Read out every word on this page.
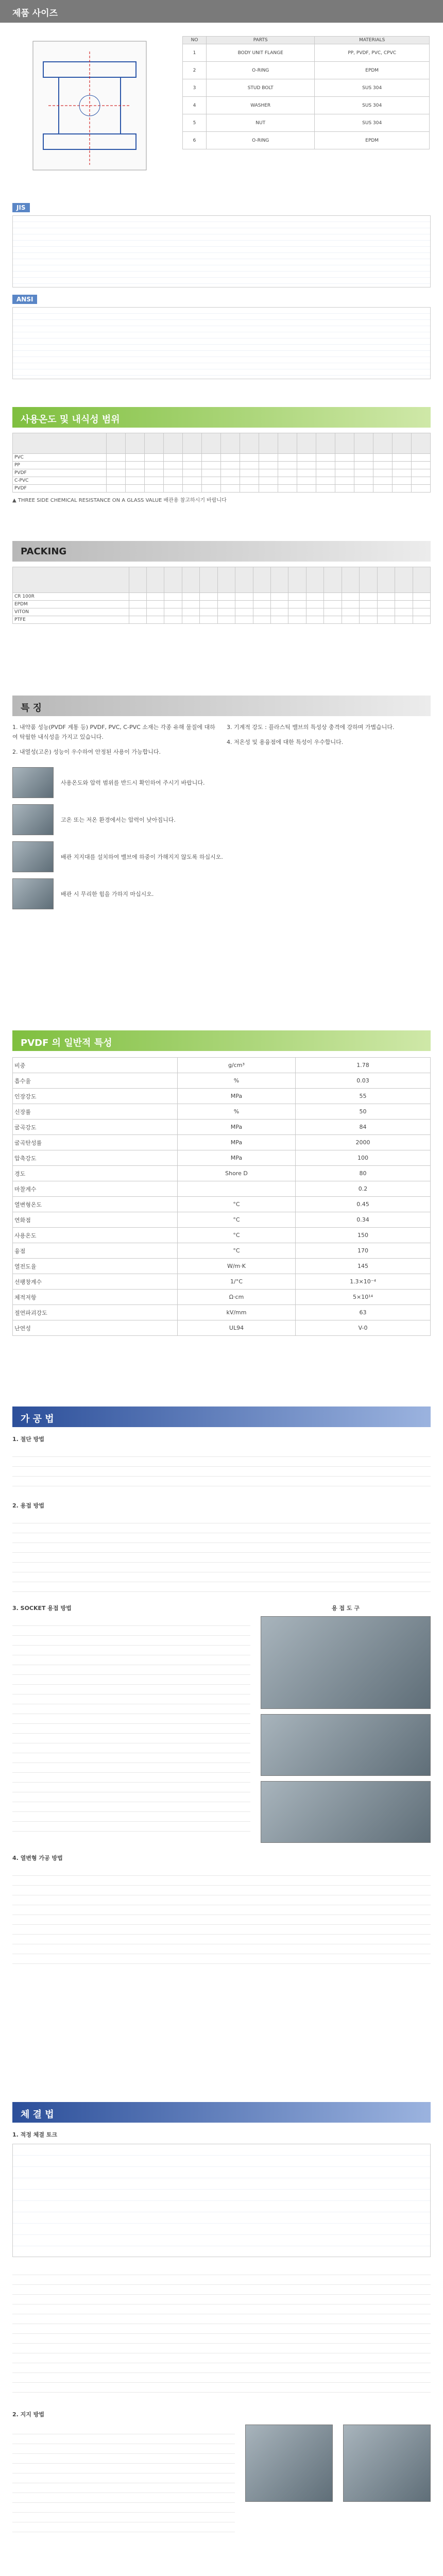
제품 사이즈
NO	PARTS	MATERIALS
1	BODY UNIT FLANGE	PP, PVDF, PVC, CPVC
2	O-RING	EPDM
3	STUD BOLT	SUS 304
4	WASHER	SUS 304
5	NUT	SUS 304
6	O-RING	EPDM
JIS
ANSI
사용온도 및 내식성 범위

PVC																	
PP																	
PVDF																	
C-PVC																	
PVDF																	
▲ THREE SIDE CHEMICAL RESISTANCE ON A GLASS VALUE 배관용 참고하시기 바랍니다
PACKING

CR 100R																	
EPDM																	
VITON																	
PTFE																	
특 징

1. 내약품 성능(PVDF 계통 등) PVDF, PVC, C-PVC 소재는 각종 유해 물질에 대하여 탁월한 내식성을 가지고 있습니다.

2. 내열성(고온) 성능이 우수하여 안정된 사용이 가능합니다.

3. 기계적 강도 : 플라스틱 밸브의 특성상 충격에 강하며 가볍습니다.

4. 저온성 및 용융점에 대한 특성이 우수합니다.

사용온도와 압력 범위를 반드시 확인하여 주시기 바랍니다.

고온 또는 저온 환경에서는 압력이 낮아집니다.

배관 지지대를 설치하여 밸브에 하중이 가해지지 않도록 하십시오.

배관 시 무리한 힘을 가하지 마십시오.

PVDF 의 일반적 특성
비중	g/cm³	1.78
흡수율	%	0.03
인장강도	MPa	55
신장률	%	50
굴곡강도	MPa	84
굴곡탄성률	MPa	2000
압축강도	MPa	100
경도	Shore D	80
마찰계수		0.2
열변형온도	°C	0.45
연화점	°C	0.34
사용온도	°C	150
융점	°C	170
열전도율	W/m·K	145
선팽창계수	1/°C	1.3×10⁻⁴
체적저항	Ω·cm	5×10¹⁴
절연파괴강도	kV/mm	63
난연성	UL94	V-0
가 공 법

1. 절단 방법

2. 용접 방법

3. SOCKET 용접 방법	용 접 도 구

4. 열변형 가공 방법

체 결 법

1. 적정 체결 토크

2. 지지 방법
